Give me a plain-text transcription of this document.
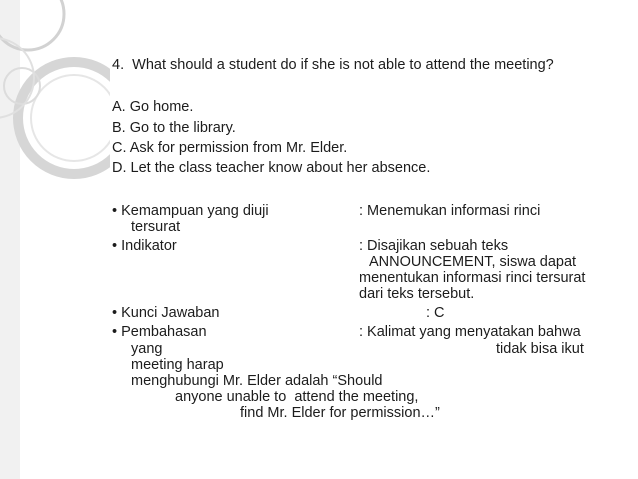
4.  What should a student do if she is not able to attend the meeting?

A. Go home.

B. Go to the library.

C. Ask for permission from Mr. Elder.

D. Let the class teacher know about her absence.

• Kemampuan yang diuji	: Menemukan informasi rinci

tersurat

• Indikator	: Disajikan sebuah teks

ANNOUNCEMENT, siswa dapat

menentukan informasi rinci tersurat

dari teks tersebut.

• Kunci Jawaban	: C

• Pembahasan	: Kalimat yang menyatakan bahwa

yang	tidak bisa ikut

meeting harap

menghubungi Mr. Elder adalah “Should

anyone unable to  attend the meeting,

find Mr. Elder for permission…”
